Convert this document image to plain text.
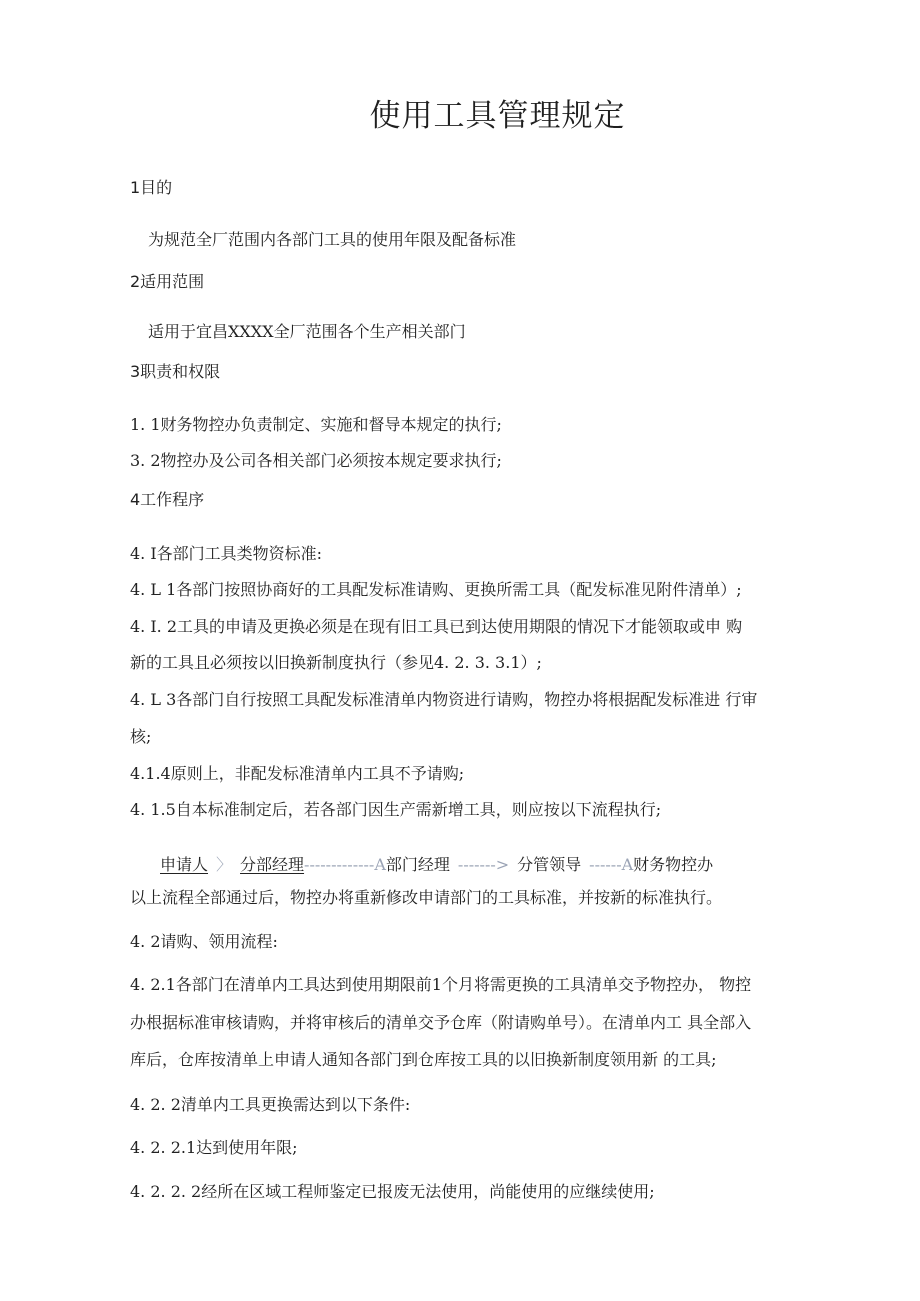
使用工具管理规定
1目的
为规范全厂范围内各部门工具的使用年限及配备标准
2适用范围
适用于宜昌XXXX全厂范围各个生产相关部门
3职责和权限
1. 1财务物控办负责制定、实施和督导本规定的执行;
3. 2物控办及公司各相关部门必须按本规定要求执行;
4工作程序
4. I各部门工具类物资标准:
4. L 1各部门按照协商好的工具配发标准请购、更换所需工具（配发标准见附件清单）;
4. I. 2工具的申请及更换必须是在现有旧工具已到达使用期限的情况下才能领取或申 购
新的工具且必须按以旧换新制度执行（参见4. 2. 3. 3.1）;
4. L 3各部门自行按照工具配发标准清单内物资进行请购，物控办将根据配发标准进 行审
核;
4.1.4原则上，非配发标准清单内工具不予请购;
4. 1.5自本标准制定后，若各部门因生产需新增工具，则应按以下流程执行;
申请人 〉 分部经理-------------A部门经理 -------> 分管领导 ------A财务物控办
以上流程全部通过后，物控办将重新修改申请部门的工具标准，并按新的标准执行。
4. 2请购、领用流程:
4. 2.1各部门在清单内工具达到使用期限前1个月将需更换的工具清单交予物控办， 物控
办根据标准审核请购，并将审核后的清单交予仓库（附请购单号）。在清单内工 具全部入
库后，仓库按清单上申请人通知各部门到仓库按工具的以旧换新制度领用新 的工具;
4. 2. 2清单内工具更换需达到以下条件:
4. 2. 2.1达到使用年限;
4. 2. 2. 2经所在区域工程师鉴定已报废无法使用，尚能使用的应继续使用;
